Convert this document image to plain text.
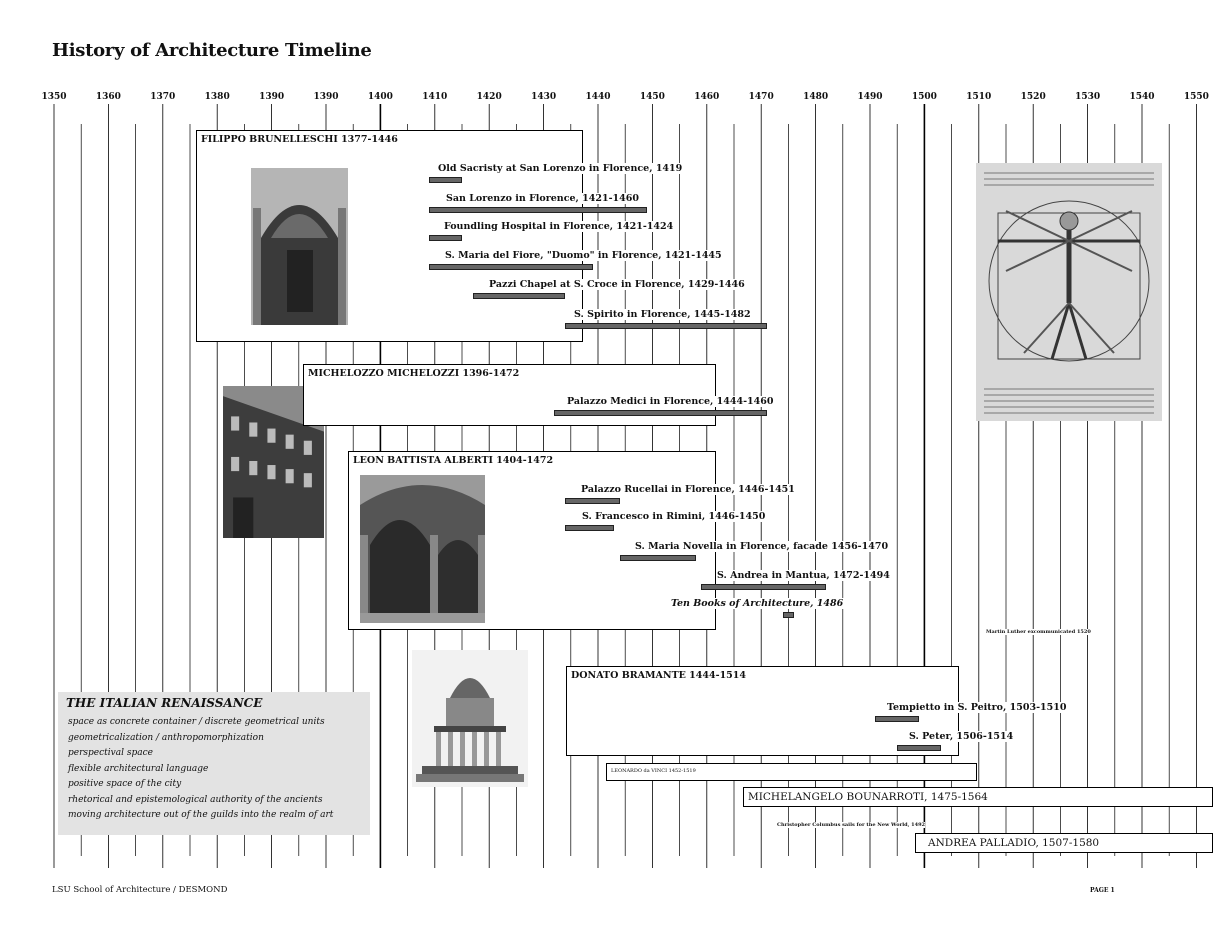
History of Architecture Timeline
1350	1360	1370	1380	1390	1390	1400	1410	1420	1430	1440	1450	1460	1470	1480	1490	1500	1510	1520	1530	1540	1550
FILIPPO BRUNELLESCHI 1377-1446
MICHELOZZO MICHELOZZI 1396-1472
LEON BATTISTA ALBERTI 1404-1472
DONATO BRAMANTE 1444-1514
LEONARDO da VINCI 1452-1519
MICHELANGELO BOUNARROTI, 1475-1564
ANDREA PALLADIO, 1507-1580
Old Sacristy at San Lorenzo in Florence, 1419
San Lorenzo in Florence, 1421-1460
Foundling Hospital in Florence, 1421-1424
S. Maria del Fiore, "Duomo" in Florence, 1421-1445
Pazzi Chapel at S. Croce in Florence, 1429-1446
S. Spirito in Florence, 1445-1482
Palazzo Medici in Florence, 1444-1460
Palazzo Rucellai in Florence, 1446-1451
S. Francesco in Rimini, 1446-1450
S. Maria Novella in Florence, facade 1456-1470
S. Andrea in Mantua, 1472-1494
Ten Books of Architecture, 1486
Tempietto in S. Peitro, 1503-1510
S. Peter, 1506-1514
Martin Luther excommunicated 1520
Christopher Columbus sails for the New World, 1492
THE ITALIAN RENAISSANCE
space as concrete container / discrete geometrical units
geometricalization / anthropomorphization
perspectival space
flexible architectural language
positive space of the city
rhetorical and epistemological authority of the ancients
moving architecture out of the guilds into the realm of art
LSU School of Architecture / DESMOND	PAGE 1
